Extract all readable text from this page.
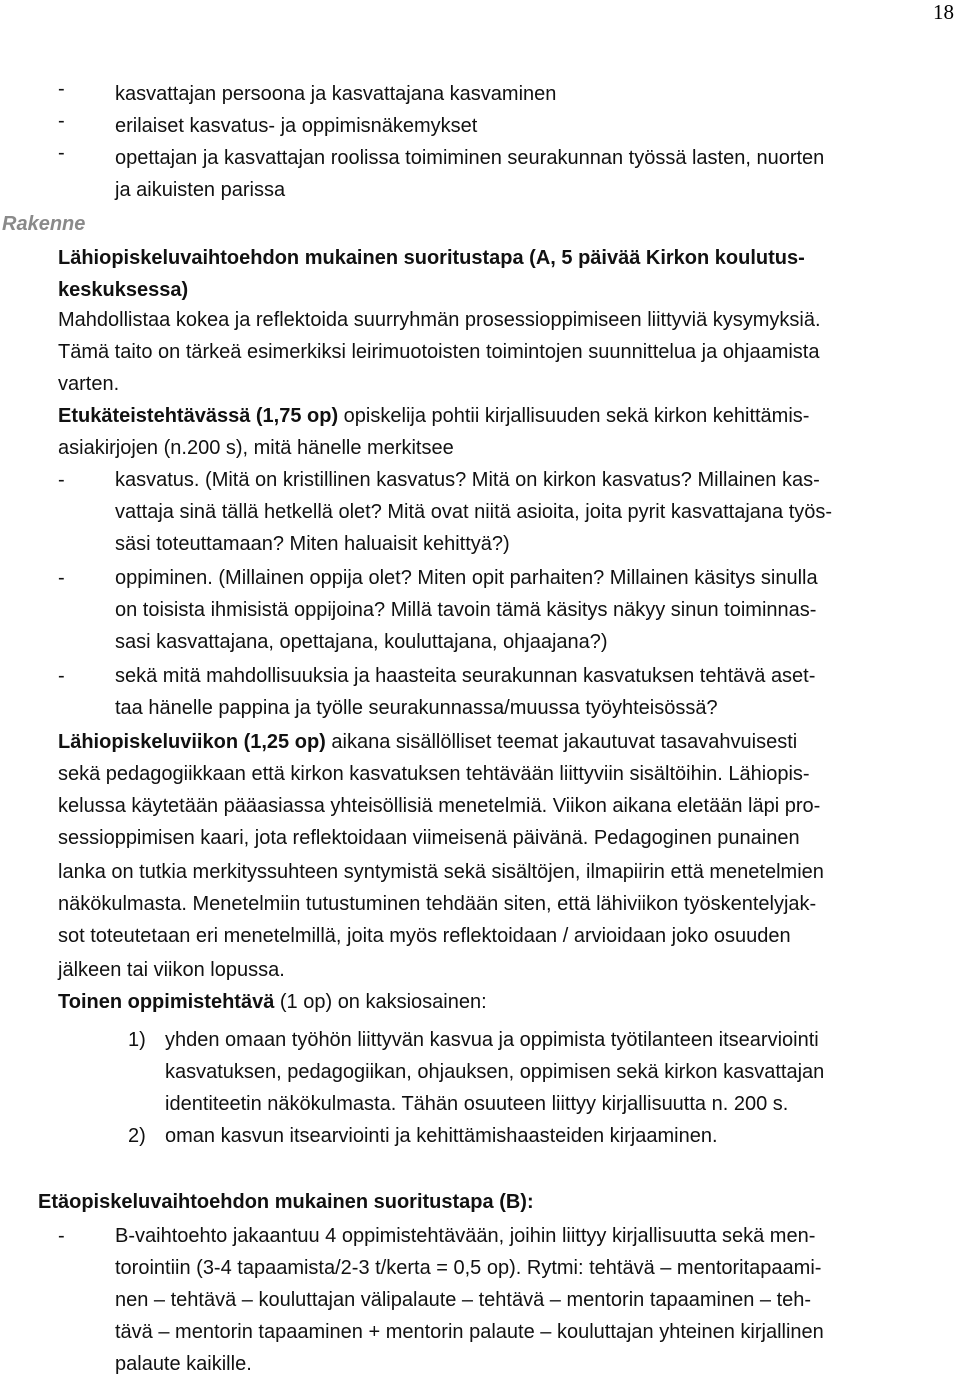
18
-	kasvattajan persoona ja kasvattajana kasvaminen
-	erilaiset kasvatus- ja oppimisnäkemykset
-	opettajan ja kasvattajan roolissa toimiminen seurakunnan työssä lasten, nuorten
ja aikuisten parissa
Rakenne
Lähiopiskeluvaihtoehdon mukainen suoritustapa (A, 5 päivää Kirkon koulutus-
keskuksessa)
Mahdollistaa kokea ja reflektoida suurryhmän prosessioppimiseen liittyviä kysymyksiä.
Tämä taito on tärkeä esimerkiksi leirimuotoisten toimintojen suunnittelua ja ohjaamista
varten.
Etukäteistehtävässä (1,75 op) opiskelija pohtii kirjallisuuden sekä kirkon kehittämis-
asiakirjojen (n.200 s), mitä hänelle merkitsee
-	kasvatus. (Mitä on kristillinen kasvatus? Mitä on kirkon kasvatus? Millainen kas-
vattaja sinä tällä hetkellä olet? Mitä ovat niitä asioita, joita pyrit kasvattajana työs-
säsi toteuttamaan? Miten haluaisit kehittyä?)
-	oppiminen. (Millainen oppija olet? Miten opit parhaiten? Millainen käsitys sinulla
on toisista ihmisistä oppijoina? Millä tavoin tämä käsitys näkyy sinun toiminnas-
sasi kasvattajana, opettajana, kouluttajana, ohjaajana?)
-	sekä mitä mahdollisuuksia ja haasteita seurakunnan kasvatuksen tehtävä aset-
taa hänelle pappina ja työlle seurakunnassa/muussa työyhteisössä?
Lähiopiskeluviikon (1,25 op) aikana sisällölliset teemat jakautuvat tasavahvuisesti
sekä pedagogiikkaan että kirkon kasvatuksen tehtävään liittyviin sisältöihin. Lähiopis-
kelussa käytetään pääasiassa yhteisöllisiä menetelmiä. Viikon aikana eletään läpi pro-
sessioppimisen kaari, jota reflektoidaan viimeisenä päivänä. Pedagoginen punainen
lanka on tutkia merkityssuhteen syntymistä sekä sisältöjen, ilmapiirin että menetelmien
näkökulmasta. Menetelmiin tutustuminen tehdään siten, että lähiviikon työskentelyjak-
sot toteutetaan eri menetelmillä, joita myös reflektoidaan / arvioidaan joko osuuden
jälkeen tai viikon lopussa.
Toinen oppimistehtävä (1 op) on kaksiosainen:
1) yhden omaan työhön liittyvän kasvua ja oppimista työtilanteen itsearviointi
kasvatuksen, pedagogiikan, ohjauksen, oppimisen sekä kirkon kasvattajan
identiteetin näkökulmasta. Tähän osuuteen liittyy kirjallisuutta n. 200 s.
2) oman kasvun itsearviointi ja kehittämishaasteiden kirjaaminen.
Etäopiskeluvaihtoehdon mukainen suoritustapa (B):
-	B-vaihtoehto jakaantuu 4 oppimistehtävään, joihin liittyy kirjallisuutta sekä men-
torointiin (3-4 tapaamista/2-3 t/kerta = 0,5 op). Rytmi: tehtävä – mentoritapaami-
nen – tehtävä – kouluttajan välipalaute – tehtävä – mentorin tapaaminen – teh-
tävä – mentorin tapaaminen + mentorin palaute – kouluttajan yhteinen kirjallinen
palaute kaikille.
